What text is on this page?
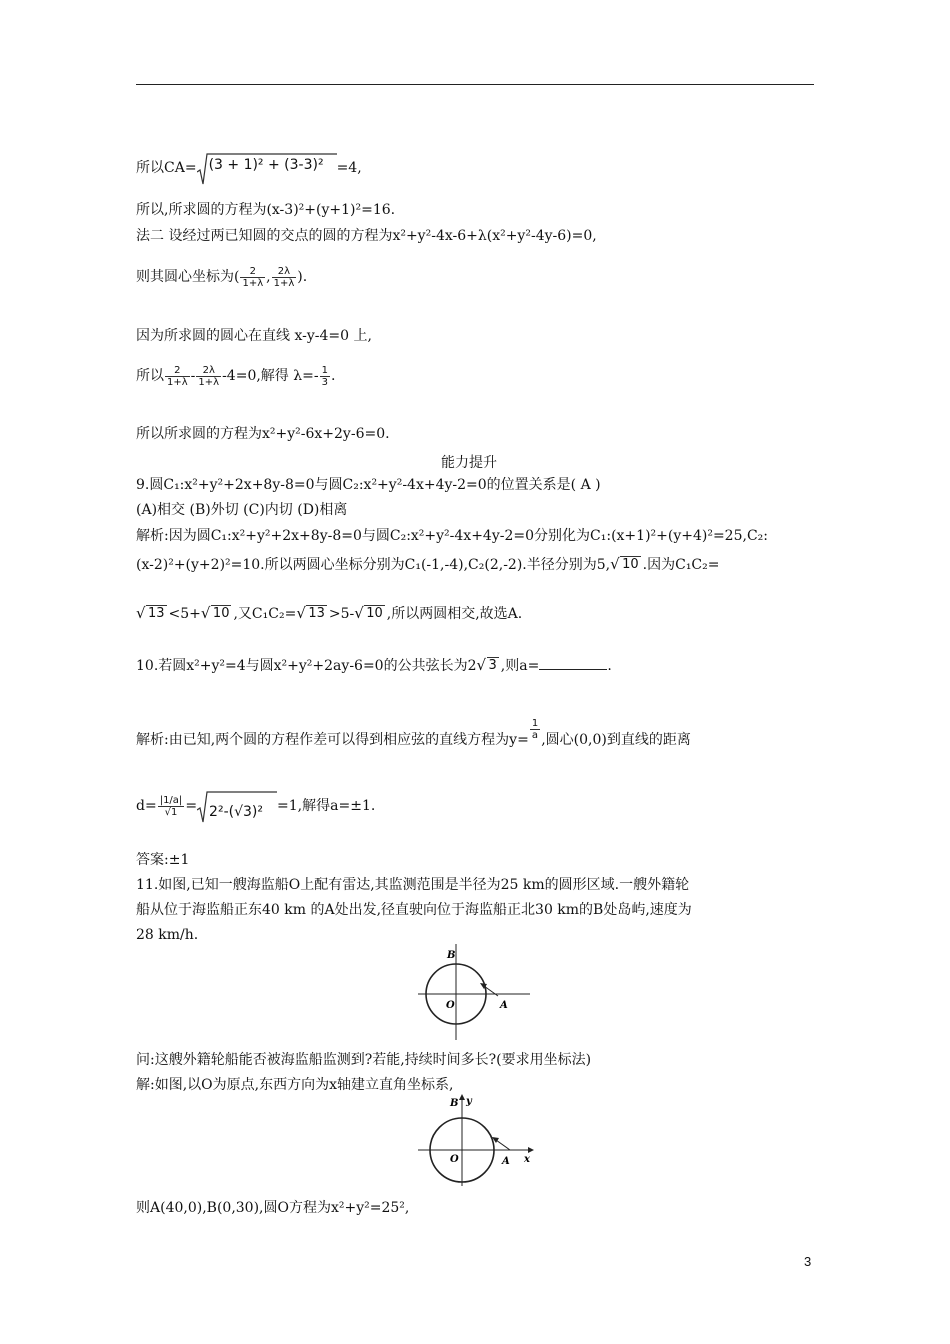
所以CA= (3 + 1)² + (3-3)² =4,
所以,所求圆的方程为(x-3)²+(y+1)²=16.
法二 设经过两已知圆的交点的圆的方程为x²+y²-4x-6+λ(x²+y²-4y-6)=0,
则其圆心坐标为( $\frac{2}{1+\lambda}$ , $\frac{2\lambda}{1+\lambda}$ ).
因为所求圆的圆心在直线 x-y-4=0 上,
所以 $\frac{2}{1+\lambda} - \frac{2\lambda}{1+\lambda} -4=0$,解得 $\lambda=- \frac{1}{3}$ .
所以所求圆的方程为x²+y²-6x+2y-6=0.
能力提升
9.圆C₁:x²+y²+2x+8y-8=0与圆C₂:x²+y²-4x+4y-2=0的位置关系是( A )
(A)相交 (B)外切 (C)内切 (D)相离
解析:因为圆C₁:x²+y²+2x+8y-8=0与圆C₂:x²+y²-4x+4y-2=0分别化为C₁:(x+1)²+(y+4)²=25,C₂:
(x-2)²+(y+2)²=10.所以两圆心坐标分别为C₁(-1,-4),C₂(2,-2).半径分别为5, √ 10 .因为C₁C₂=
√ 13 <5+ √ 10 ,又C₁C₂= √ 13 >5- √ 10 ,所以两圆相交,故选A.
10.若圆x²+y²=4与圆x²+y²+2ay-6=0的公共弦长为2 √ 3 ,则a=	.
解析:由已知,两个圆的方程作差可以得到相应弦的直线方程为$y= \frac{1}{a}$ ,圆心(0,0)到直线的距离
$d= \frac{|1/a|}{√1} = 2^2-(√3)^2 =1$,解得a=±1.
答案:±1
11.如图,已知一艘海监船O上配有雷达,其监测范围是半径为25 km的圆形区域.一艘外籍轮
船从位于海监船正东40 km 的A处出发,径直驶向位于海监船正北30 km的B处岛屿,速度为
28 km/h.
B
O	A
问:这艘外籍轮船能否被海监船监测到?若能,持续时间多长?(要求用坐标法)
解:如图,以O为原点,东西方向为x轴建立直角坐标系,
B y
O	A x
则A(40,0),B(0,30),圆O方程为x²+y²=25²,
3
